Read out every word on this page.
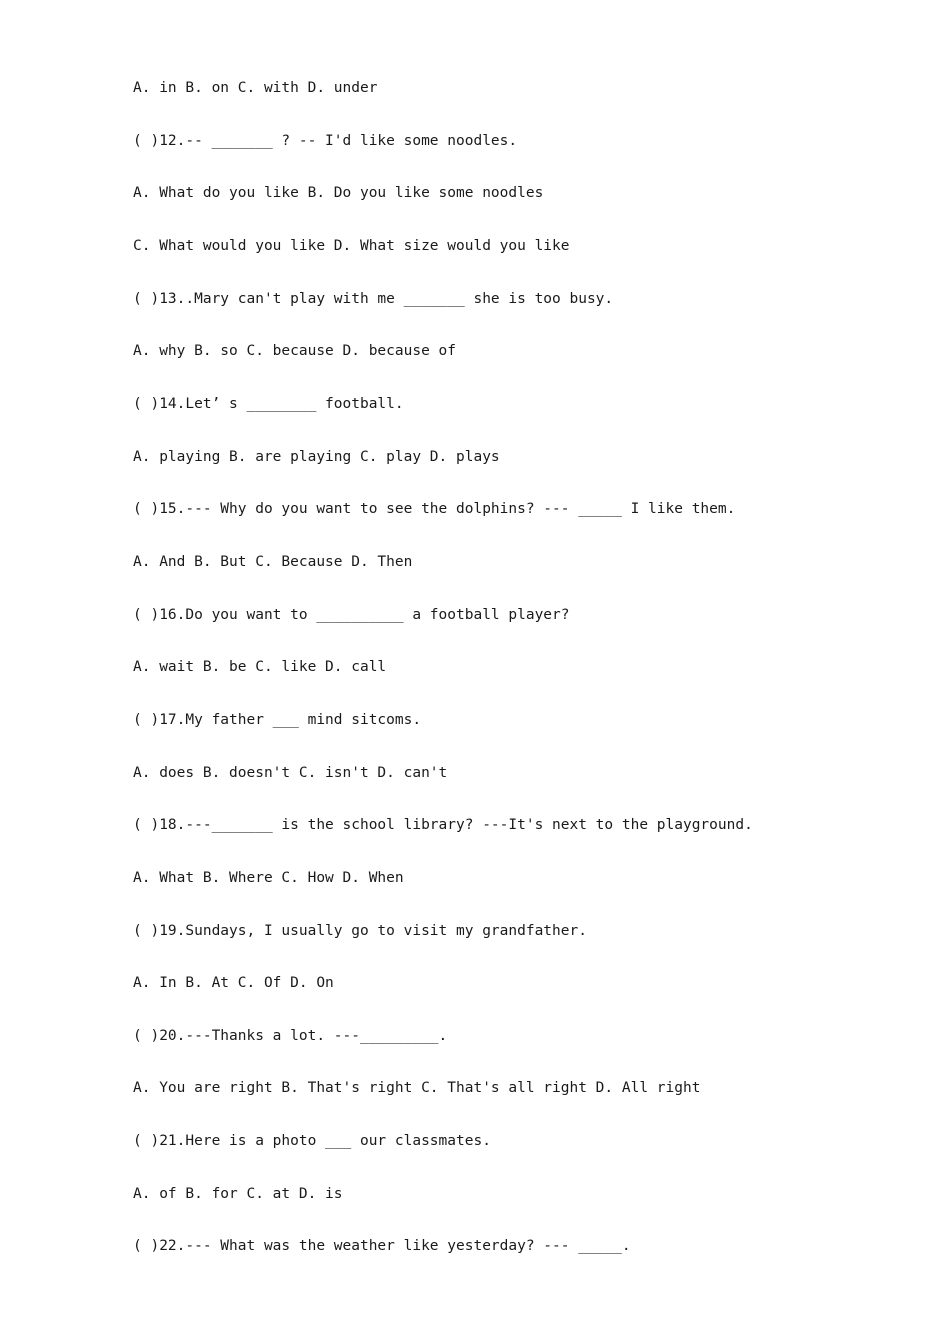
A. in B. on C. with D. under
( )12.-- _______ ? -- I'd like some noodles.
A. What do you like B. Do you like some noodles
C. What would you like D. What size would you like
( )13..Mary can't play with me _______ she is too busy.
A. why B. so C. because D. because of
( )14.Let’ s ________ football.
A. playing B. are playing C. play D. plays
( )15.--- Why do you want to see the dolphins? --- _____ I like them.
A. And B. But C. Because D. Then
( )16.Do you want to __________ a football player?
A. wait B. be C. like D. call
( )17.My father ___ mind sitcoms.
A. does B. doesn't C. isn't D. can't
( )18.---_______ is the school library? ---It's next to the playground.
A. What B. Where C. How D. When
( )19.Sundays, I usually go to visit my grandfather.
A. In B. At C. Of D. On
( )20.---Thanks a lot. ---_________.
A. You are right B. That's right C. That's all right D. All right
( )21.Here is a photo ___ our classmates.
A. of B. for C. at D. is
( )22.--- What was the weather like yesterday? --- _____.
